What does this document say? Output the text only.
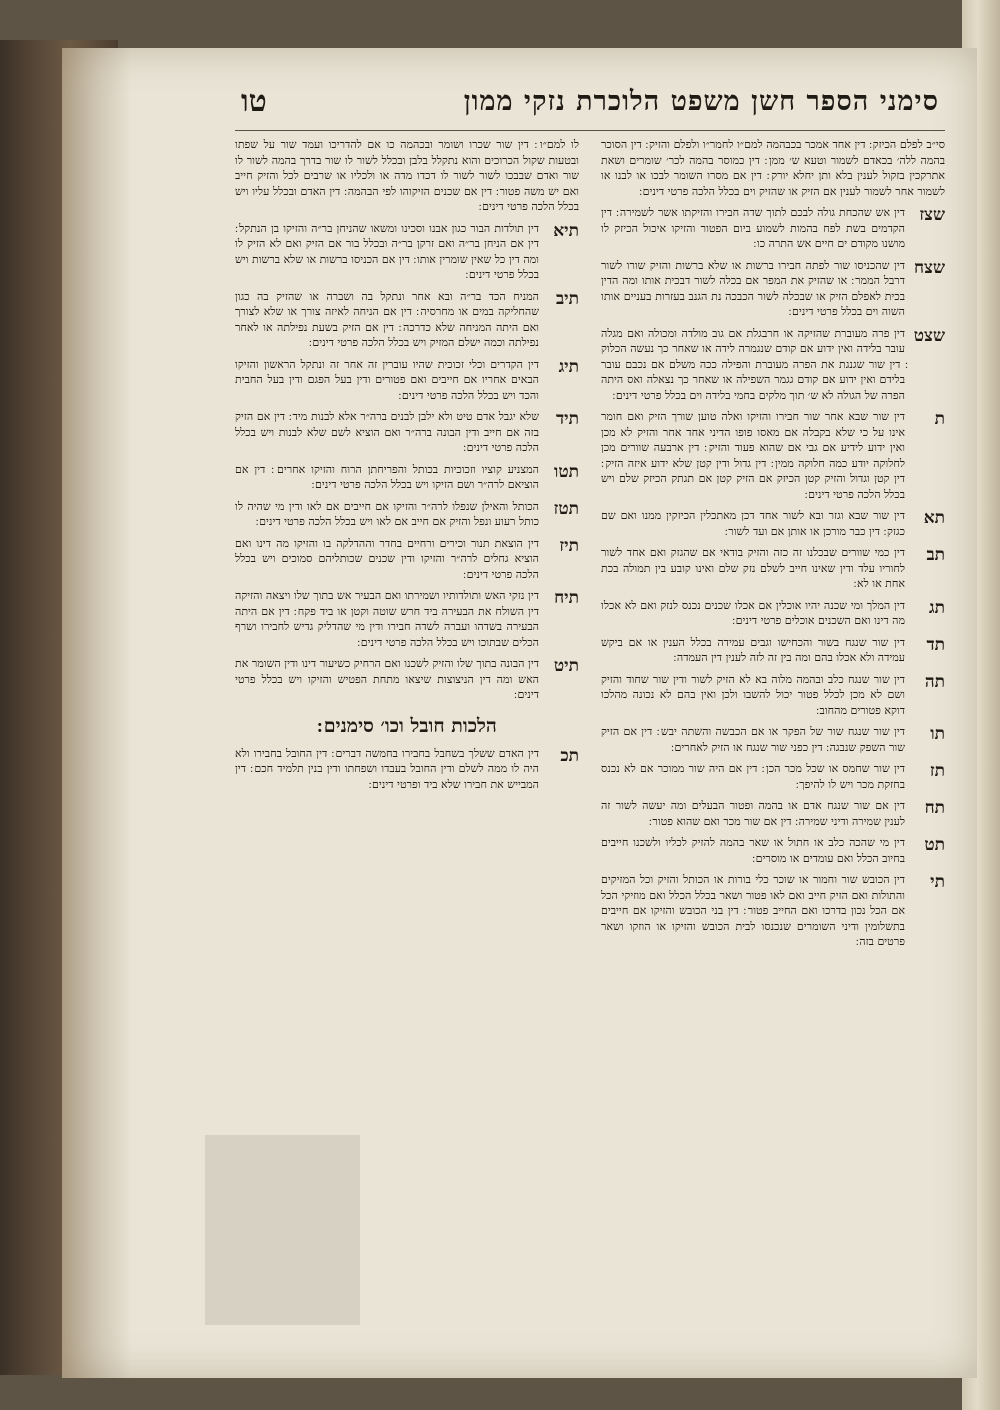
סימני הספר חשן משפט הלוכרת נזקי ממון
טו

סי״ב לפלם הכיזק ׃ דין אחד אמכר בכבהמה למם״ו לחמר״ו ולפלם והזיק ׃ דין הסוכר בהמה ללה׳ בכאדם לשמור וטעא ש׳ ממן ׃ דין כמוסר בהמה לכר׳ שומרים ושאת אתרקכין בזקול לענין בלא ותן יחלא יורק ׃ דין אם מסרו השומר לבכו או לבנו או לשמור אחר לשמור לענין אם הזיק או שהזיק וים בכלל הלכה פרטי דינים ׃

שצז

דין אש שהכחת גולה לבכם לתוך שדה חבירו והזיקתו אשר לשמירה ׃ דין הקדמים בשת לפח בהמות לשמוע ביום הפטור והזיקו איכול הכיזק לו מושנו מקודם ים חיים אש התרה כו ׃

שצח

דין שהכניסו שור לפתה חבירו ברשות או שלא ברשות והזיק שורו לשור דרבל הממר ׃ או שהזיק את המפר אם בכלה לשור דבכית אותו ומה הדין בכית לאפלם הזיק או שבכלה לשור הכבכה נת הגנב בעזרות בעניים אותו השוה וים בכלל פרטי דינים ׃

שצט

דין פרה מעוברת שהזיקה או חרבגלת אם גוב מולדה ומכולה ואם מגלה עובר בלידה ואין ידוע אם קודם שנגמרה לידה או שאחר כך נעשה הכלוק ׃ דין שור שגנגת את הפרה מעוברת והפילה ככה משלם אם נכבם עובר בלידם ואין ידוע אם קודם גגמר השפילה או שאחר כך נצאלה ואס היתה הפרה של הגולה לא ש׳ תוך מלקים בחמי בלידה וים בכלל פרטי דינים ׃

ת

דין שור שבא אחר שור חבירו והזיקו ואלה טוען שורך הזיק ואם חומר אינו על כי שלא בקבלה אם מאסו פופו הדיני אחד אחר והזיק לא מכן ואין ידוע לידיע אם גבי אם שהוא פעוד והזיק ׃ דין ארבעה שוורים מכן לחלוקה יודע כמה חלוקה ממין ׃ דין גדול ודין קטן שלא ידוע איזה הזיק ׃ דין קטן וגדול והזיק קטן הכיזק אם הזיק קטן אם תגתק הכיזק שלם ויש בכלל הלכה פרטי דינים ׃

תא

דין שור שבא וגזר ובא לשור אחד דכן מאתכלין הכיזקין ממנו ואם שם כגזק ׃ דין כבר מורכן או אותן אם ועד לשור ׃

תב

דין כמי שוורים שבכלנו זה כזה והזיק בודאי אם שהגזק ואם אחד לשור לחוריו עלד ודין שאינו חייב לשלם נזק שלם ואינו קובע בין תמולה בכת אחת או לא ׃

תג

דין המלך ומי שכנה יהיו אוכלין אם אכלו שכנים נכנס לנזק ואם לא אכלו מה דינו ואם השכנים אוכלים פרטי דינים ׃

תד

דין שור שנגח בשור והכחישו וגבים עמידה בכלל הענין או אם ביקש עמידה ולא אכלו בהם ומה בין זה לזה לענין דין העמדה ׃

תה

דין שור שנגח כלב ובהמה מלוה בא לא הזיק לשור ודין שור שחוד והזיק ושם לא מכן לכלל פטור יכול להשבו ולכן ואין בהם לא נכונה מהלכו דוקא פטורים מהחוב ׃

תו

דין שור שנגח שור של הפקר או אם הכבשה והשתה יבש ׃ דין אם הזיק שור השפק שנבגה ׃ דין כפני שור שנגח או הזיק לאחרים ׃

תז

דין שור שחמס או שכל מכר הכן ׃ דין אם היה שור ממוכר אם לא נכנס בחזקת מכר ויש לו להיפך ׃

תח

דין אם שור שנגח אדם או בהמה ופטור הבעלים ומה יעשה לשור זה לענין שמירה ודיני שמירה ׃ דין אם שור מכר ואם שהוא פטור ׃

תט

דין מי שהכה כלב או חתול או שאר בהמה להזיק לכליו ולשכנו חייבים בחיוב הכלל ואם עומדים או מוסרים ׃

תי

דין הכובש שור וחמור או שוכר כלי בורות או הכותל והזיק וכל המזיקים והתולות ואם הזיק חייב ואם לאו פטור ושאר בכלל הכלל ואם מוזיקי הכל אם הכל נכון בדרכו ואם החייב פטור ׃ דין בני הכובש והזיקו אם חייבים בתשלומין ודיני השומרים שנכנסו לבית הכובש והזיקו או הוזקו ושאר פרטים בזה ׃

לו למם״ו ׃ דין שור שכרו ושומר ובכהמה כו אם להדריכו ועמד שור על שפתו ובטעות שקול הכרוכים והוא נתקלל בלבן ובכלל לשור לו שור בדרך בהמה לשור לו שור ואדם שבבכו לשור לשור לו דכדו מדה או ולכליו או שרבים לכל והזיק חייב ואם יש משה פטור ׃ דין אם שכנים הזיקוהו לפי הבהמה ׃ דין האדם ובכלל עליו ויש בכלל הלכה פרטי דינים ׃

תיא

דין תולדות הבור כגון אבנו וסכינו ומשאו שהניחן בר״ה והזיקו בן הנתקל ׃ דין אם הניחן בר״ה ואם זרקן בר״ה ובכלל בור אם הזיק ואם לא הזיק לו ומה דין כל שאין שומרין אותו ׃ דין אם הכניסו ברשות או שלא ברשות ויש בכלל פרטי דינים ׃

תיב

המניח הכד בר״ה ובא אחר ונתקל בה ושברה או שהזיק בה כגון שהחליקה במים או מחרסיה ׃ דין אם הניחה לאיזה צורך או שלא לצורך ואם היתה המניחה שלא כדרכה ׃ דין אם הזיק בשעת נפילתה או לאחר נפילתה וכמה ישלם המזיק ויש בכלל הלכה פרטי דינים ׃

תיג

דין הקדרים וכלי זכוכית שהיו עוברין זה אחר זה ונתקל הראשון והזיקו הבאים אחריו אם חייבים ואם פטורים ודין בעל הפגם ודין בעל החבית והכד ויש בכלל הלכה פרטי דינים ׃

תיד

שלא יגבל אדם טיט ולא ילבן לבנים ברה״ר אלא לבנות מיד ׃ דין אם הזיק בזה אם חייב ודין הבונה ברה״ר ואם הוציא לשם שלא לבנות ויש בכלל הלכה פרטי דינים ׃

תטו

המצניע קוציו וזכוכיות בכותל והפריחתן הרוח והזיקו אחרים ׃ דין אם הוציאם לרה״ר ושם הזיקו ויש בכלל הלכה פרטי דינים ׃

תטז

הכותל והאילן שנפלו לרה״ר והזיקו אם חייבים אם לאו ודין מי שהיה לו כותל רעוע ונפל והזיק אם חייב אם לאו ויש בכלל הלכה פרטי דינים ׃

תיז

דין הוצאת תנור וכירים ורחיים בחדר וההדלקה בו והזיקו מה דינו ואם הוציא גחלים לרה״ר והזיקו ודין שכנים שכותליהם סמוכים ויש בכלל הלכה פרטי דינים ׃

תיח

דין נזקי האש ותולדותיו ושמירתו ואם הבעיר אש בתוך שלו ויצאה והזיקה דין השולח את הבעירה ביד חרש שוטה וקטן או ביד פקח ׃ דין אם היתה הבעירה בשדהו ועברה לשדה חבירו ודין מי שהדליק גדיש לחבירו ושרף הכלים שבתוכו ויש בכלל הלכה פרטי דינים ׃

תיט

דין הבונה בתוך שלו והזיק לשכנו ואם הרחיק כשיעור דינו ודין השומר את האש ומה דין הניצוצות שיצאו מתחת הפטיש והזיקו ויש בכלל פרטי דינים ׃

הלכות חובל וכו׳ סימנים ׃
תכ

דין האדם ששלך בשחבל בחבירו בחמשה דברים ׃ דין החובל בחבירו ולא היה לו ממה לשלם ודין החובל בעבדו ושפחתו ודין בנין תלמיד חכם ׃ דין המבייש את חבירו שלא ביד ופרטי דינים ׃
